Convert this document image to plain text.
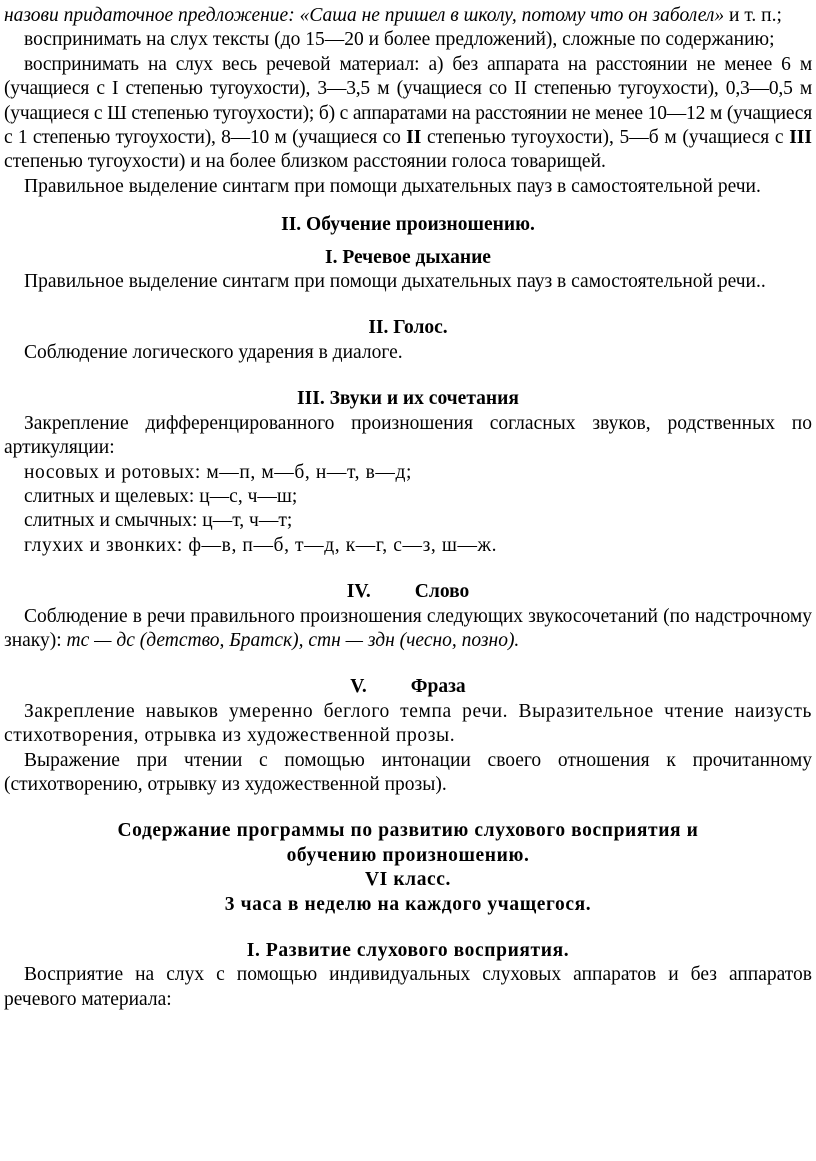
назови придаточное предложение: «Саша не пришел в школу, потому что он заболел» и т. п.;

воспринимать на слух тексты (до 15—20 и более предложений), сложные по содержанию;

воспринимать на слух весь речевой материал: а) без аппарата на расстоянии не менее 6 м (учащиеся с I степенью тугоухости), 3—3,5 м (учащиеся со II степенью тугоухости), 0,3—0,5 м (учащиеся с Ш степенью тугоухости); б) с аппаратами на расстоянии не менее 10—12 м (учащиеся с 1 степенью тугоухости), 8—10 м (учащиеся со II степенью тугоухости), 5—б м (учащиеся с III степенью тугоухости) и на более близком расстоянии голоса товарищей.

Правильное выделение синтагм при помощи дыхательных пауз в самостоятельной речи.

II. Обучение произношению.

I. Речевое дыхание

Правильное выделение синтагм при помощи дыхательных пауз в самостоятельной речи..

II. Голос.

Соблюдение логического ударения в диалоге.

III. Звуки и их сочетания

Закрепление дифференцированного произношения согласных звуков, родственных по артикуляции:

носовых и ротовых: м—п, м—б, н—т, в—д;

слитных и щелевых: ц—с, ч—ш;

слитных и смычных: ц—т, ч—т;

глухих и звонких: ф—в, п—б, т—д, к—г, с—з, ш—ж.

IV. Слово

Соблюдение в речи правильного произношения следующих звукосочетаний (по надстрочному знаку): тс — дс (детство, Братск), стн — здн (чесно, позно).

V. Фраза

Закрепление навыков умеренно беглого темпа речи. Выразительное чтение наизусть стихотворения, отрывка из художественной прозы.

Выражение при чтении с помощью интонации своего отношения к прочитанному (стихотворению, отрывку из художественной прозы).

Содержание программы по развитию слухового восприятия и

обучению произношению.

VI класс.

3 часа в неделю на каждого учащегося.

I. Развитие слухового восприятия.

Восприятие на слух с помощью индивидуальных слуховых аппаратов и без аппаратов речевого материала:
